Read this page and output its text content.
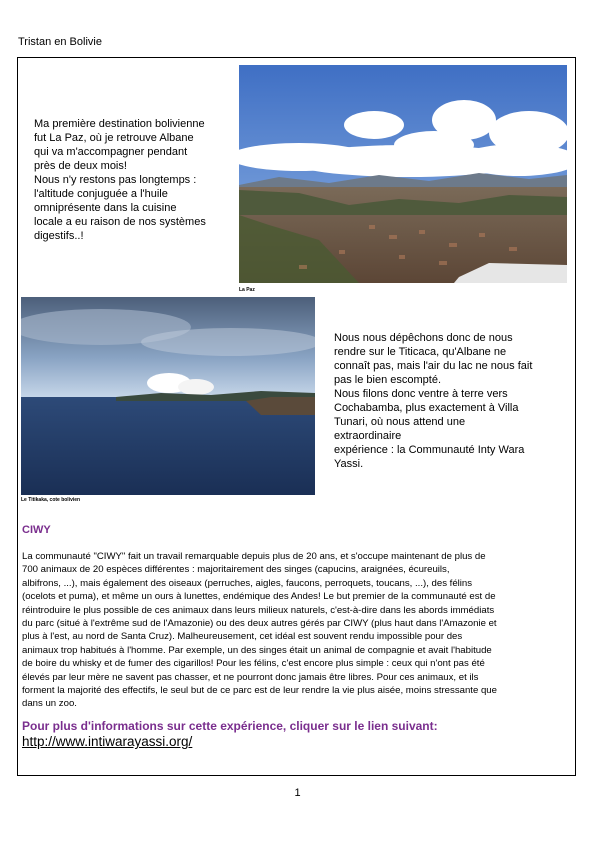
Tristan en Bolivie
Ma première destination bolivienne
fut La Paz, où je retrouve Albane
qui va m'accompagner pendant
près de deux mois!
Nous n'y restons pas longtemps :
l'altitude conjuguée a l'huile
omniprésente dans la cuisine
locale a eu raison de nos systèmes
digestifs..!
La Paz
Le Titikaka, cote bolivien
Nous nous dépêchons donc de nous
rendre sur le Titicaca, qu'Albane ne
connaît pas, mais l'air du lac ne nous fait
pas le bien escompté.
Nous filons donc ventre à terre vers
Cochabamba, plus exactement à Villa
Tunari, où nous attend une extraordinaire
expérience : la Communauté Inty Wara
Yassi.
CIWY
La communauté "CIWY" fait un travail remarquable depuis plus de 20 ans, et s'occupe maintenant de plus de
700 animaux de 20 espèces différentes : majoritairement des singes (capucins, araignées, écureuils,
albifrons, ...), mais également des oiseaux (perruches, aigles, faucons, perroquets, toucans, ...), des félins
(ocelots et puma), et même un ours à lunettes, endémique des Andes! Le but premier de la communauté est de
réintroduire le plus possible de ces animaux dans leurs milieux naturels, c'est-à-dire dans les abords immédiats
du parc (situé à l'extrême sud de l'Amazonie) ou des deux autres gérés par CIWY (plus haut dans l'Amazonie et
plus à l'est, au nord de Santa Cruz). Malheureusement, cet idéal est souvent rendu impossible pour des
animaux trop habitués à l'homme. Par exemple, un des singes était un animal de compagnie et avait l'habitude
de boire du whisky et de fumer des cigarillos! Pour les félins, c'est encore plus simple : ceux qui n'ont pas été
élevés par leur mère ne savent pas chasser, et ne pourront donc jamais être libres. Pour ces animaux, et ils
forment la majorité des effectifs, le seul but de ce parc est de leur rendre la vie plus aisée, moins stressante que
dans un zoo.
Pour plus d'informations sur cette expérience, cliquer sur le lien suivant:
http://www.intiwarayassi.org/
1
